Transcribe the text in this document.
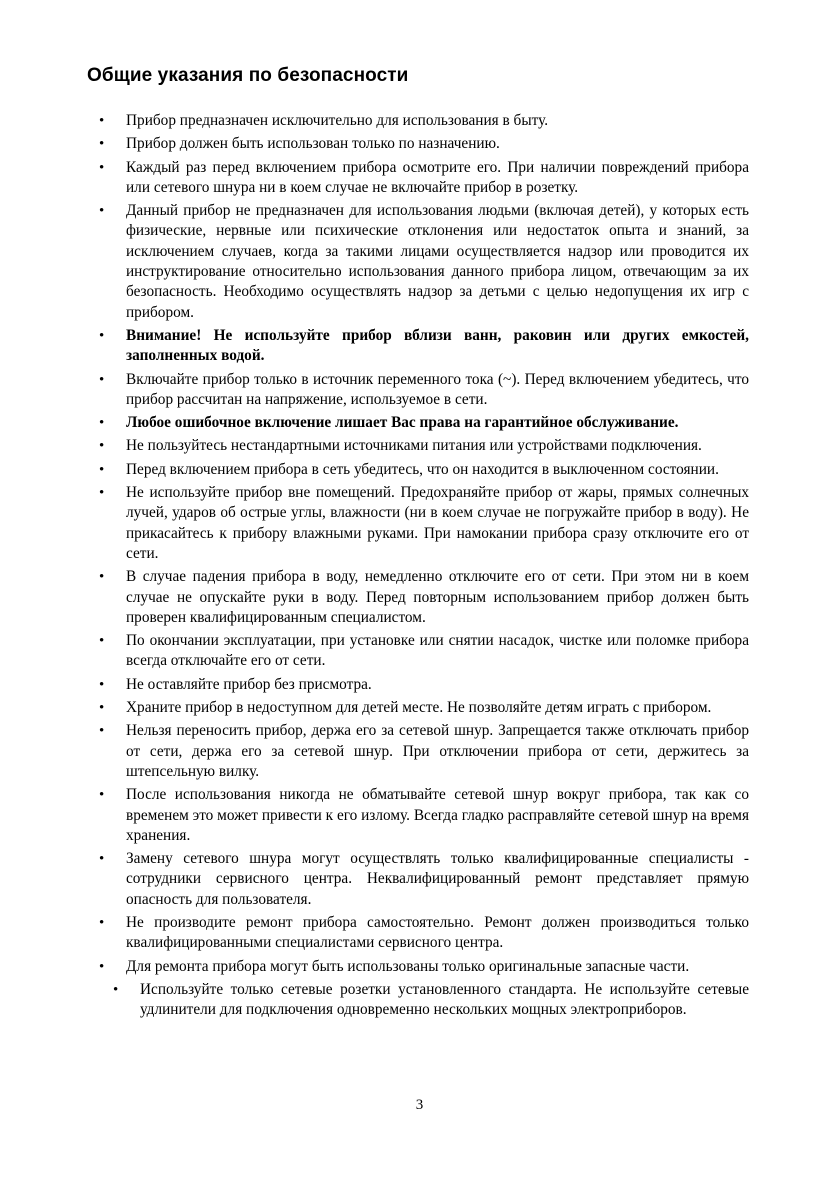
Общие указания по безопасности
• Прибор предназначен исключительно для использования в быту.
• Прибор должен быть использован только по назначению.
• Каждый раз перед включением прибора осмотрите его. При наличии повреждений прибора или сетевого шнура ни в коем случае не включайте прибор в розетку.
• Данный прибор не предназначен для использования людьми (включая детей), у которых есть физические, нервные или психические отклонения или недостаток опыта и знаний, за исключением случаев, когда за такими лицами осуществляется надзор или проводится их инструктирование относительно использования данного прибора лицом, отвечающим за их безопасность. Необходимо осуществлять надзор за детьми с целью недопущения их игр с прибором.
• Внимание! Не используйте прибор вблизи ванн, раковин или других емкостей, заполненных водой.
• Включайте прибор только в источник переменного тока (~). Перед включением убедитесь, что прибор рассчитан на напряжение, используемое в сети.
• Любое ошибочное включение лишает Вас права на гарантийное обслуживание.
• Не пользуйтесь нестандартными источниками питания или устройствами подключения.
• Перед включением прибора в сеть убедитесь, что он находится в выключенном состоянии.
• Не используйте прибор вне помещений. Предохраняйте прибор от жары, прямых солнечных лучей, ударов об острые углы, влажности (ни в коем случае не погружайте прибор в воду). Не прикасайтесь к прибору влажными руками. При намокании прибора сразу отключите его от сети.
• В случае падения прибора в воду, немедленно отключите его от сети. При этом ни в коем случае не опускайте руки в воду. Перед повторным использованием прибор должен быть проверен квалифицированным специалистом.
• По окончании эксплуатации, при установке или снятии насадок, чистке или поломке прибора всегда отключайте его от сети.
• Не оставляйте прибор без присмотра.
• Храните прибор в недоступном для детей месте. Не позволяйте детям играть с прибором.
• Нельзя переносить прибор, держа его за сетевой шнур. Запрещается также отключать прибор от сети, держа его за сетевой шнур. При отключении прибора от сети, держитесь за штепсельную вилку.
• После использования никогда не обматывайте сетевой шнур вокруг прибора, так как со временем это может привести к его излому. Всегда гладко расправляйте сетевой шнур на время хранения.
• Замену сетевого шнура могут осуществлять только квалифицированные специалисты - сотрудники сервисного центра. Неквалифицированный ремонт представляет прямую опасность для пользователя.
• Не производите ремонт прибора самостоятельно. Ремонт должен производиться только квалифицированными специалистами сервисного центра.
• Для ремонта прибора могут быть использованы только оригинальные запасные части.
• Используйте только сетевые розетки установленного стандарта. Не используйте сетевые удлинители для подключения одновременно нескольких мощных электроприборов.
3
